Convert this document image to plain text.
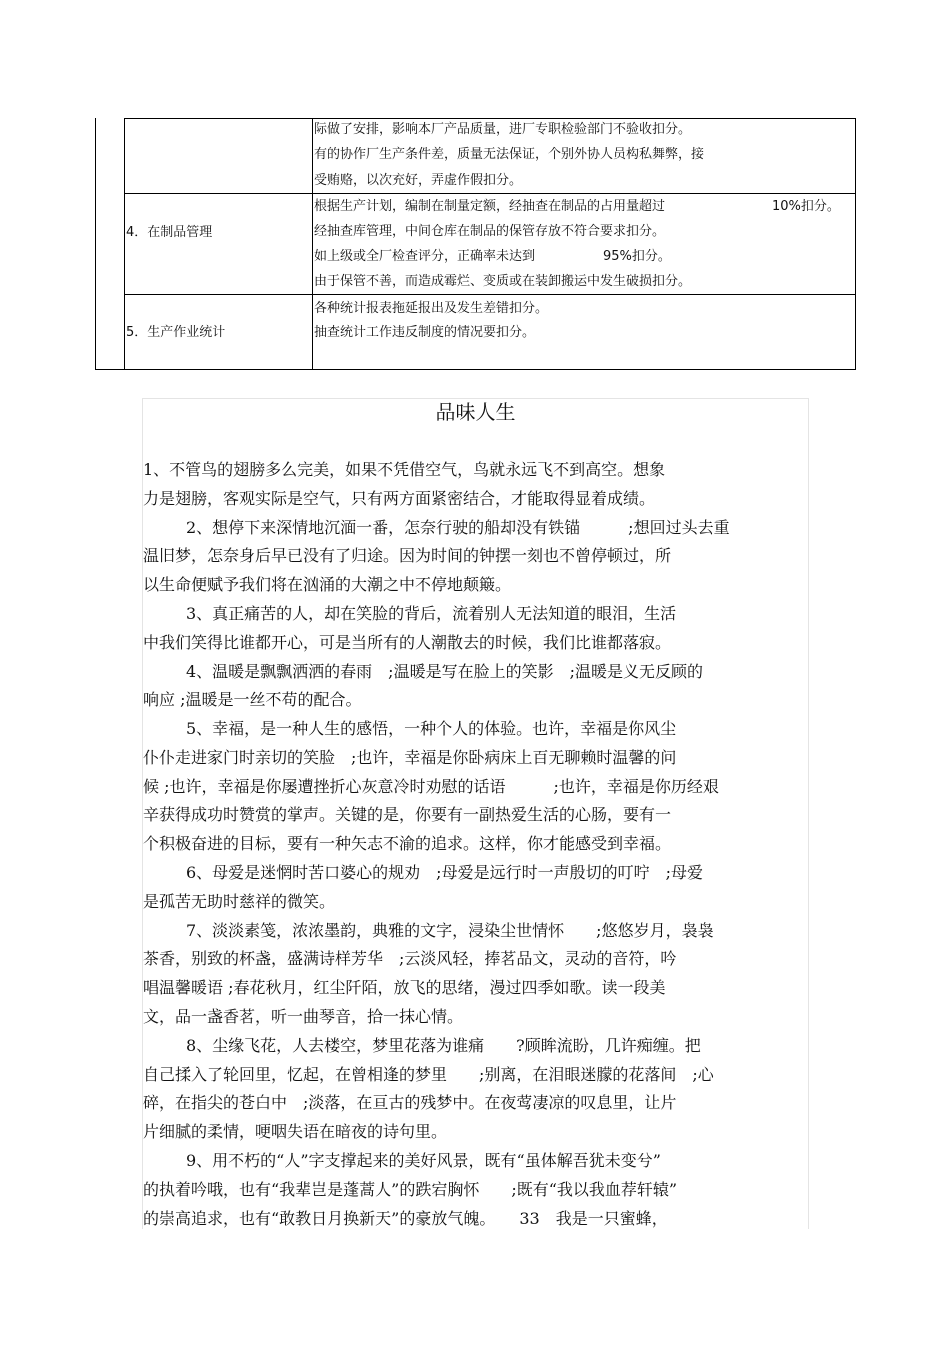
际做了安排，影响本厂产品质量，进厂专职检验部门不验收扣分。
有的协作厂生产条件差，质量无法保证，个别外协人员构私舞弊，接
受贿赂，以次充好，弄虚作假扣分。
4．在制品管理
根据生产计划，编制在制量定额，经抽查在制品的占用量超过	10%扣分。
经抽查库管理，中间仓库在制品的保管存放不符合要求扣分。
如上级或全厂检查评分，正确率未达到	95%扣分。
由于保管不善，而造成霉烂、变质或在装卸搬运中发生破损扣分。
5．生产作业统计
各种统计报表拖延报出及发生差错扣分。
抽查统计工作违反制度的情况要扣分。
品味人生
1、不管鸟的翅膀多么完美，如果不凭借空气，鸟就永远飞不到高空。想象
力是翅膀，客观实际是空气，只有两方面紧密结合，才能取得显着成绩。
2、想停下来深情地沉湎一番，怎奈行驶的船却没有铁锚　　　;想回过头去重
温旧梦，怎奈身后早已没有了归途。因为时间的钟摆一刻也不曾停顿过，所
以生命便赋予我们将在汹涌的大潮之中不停地颠簸。
3、真正痛苦的人，却在笑脸的背后，流着别人无法知道的眼泪，生活
中我们笑得比谁都开心，可是当所有的人潮散去的时候，我们比谁都落寂。
4、温暖是飘飘洒洒的春雨　;温暖是写在脸上的笑影　;温暖是义无反顾的
响应 ;温暖是一丝不苟的配合。
5、幸福，是一种人生的感悟，一种个人的体验。也许，幸福是你风尘
仆仆走进家门时亲切的笑脸　;也许，幸福是你卧病床上百无聊赖时温馨的问
候 ;也许，幸福是你屡遭挫折心灰意冷时劝慰的话语　　　;也许，幸福是你历经艰
辛获得成功时赞赏的掌声。关键的是，你要有一副热爱生活的心肠，要有一
个积极奋进的目标，要有一种矢志不渝的追求。这样，你才能感受到幸福。
6、母爱是迷惘时苦口婆心的规劝　;母爱是远行时一声殷切的叮咛　;母爱
是孤苦无助时慈祥的微笑。
7、淡淡素笺，浓浓墨韵，典雅的文字，浸染尘世情怀　　;悠悠岁月，袅袅
茶香，别致的杯盏，盛满诗样芳华　;云淡风轻，捧茗品文，灵动的音符，吟
唱温馨暖语 ;春花秋月，红尘阡陌，放飞的思绪，漫过四季如歌。读一段美
文，品一盏香茗，听一曲琴音，拾一抹心情。
8、尘缘飞花，人去楼空，梦里花落为谁痛　　?顾眸流盼，几许痴缠。把
自己揉入了轮回里，忆起，在曾相逢的梦里　　;别离，在泪眼迷朦的花落间　;心
碎，在指尖的苍白中　;淡落，在亘古的残梦中。在夜莺凄凉的叹息里，让片
片细腻的柔情，哽咽失语在暗夜的诗句里。
9、用不朽的“人”字支撑起来的美好风景，既有“虽体解吾犹未变兮”
的执着吟哦，也有“我辈岂是蓬蒿人”的跌宕胸怀　　;既有“我以我血荐轩辕”
的崇高追求，也有“敢教日月换新天”的豪放气魄。　　33　我是一只蜜蜂，
